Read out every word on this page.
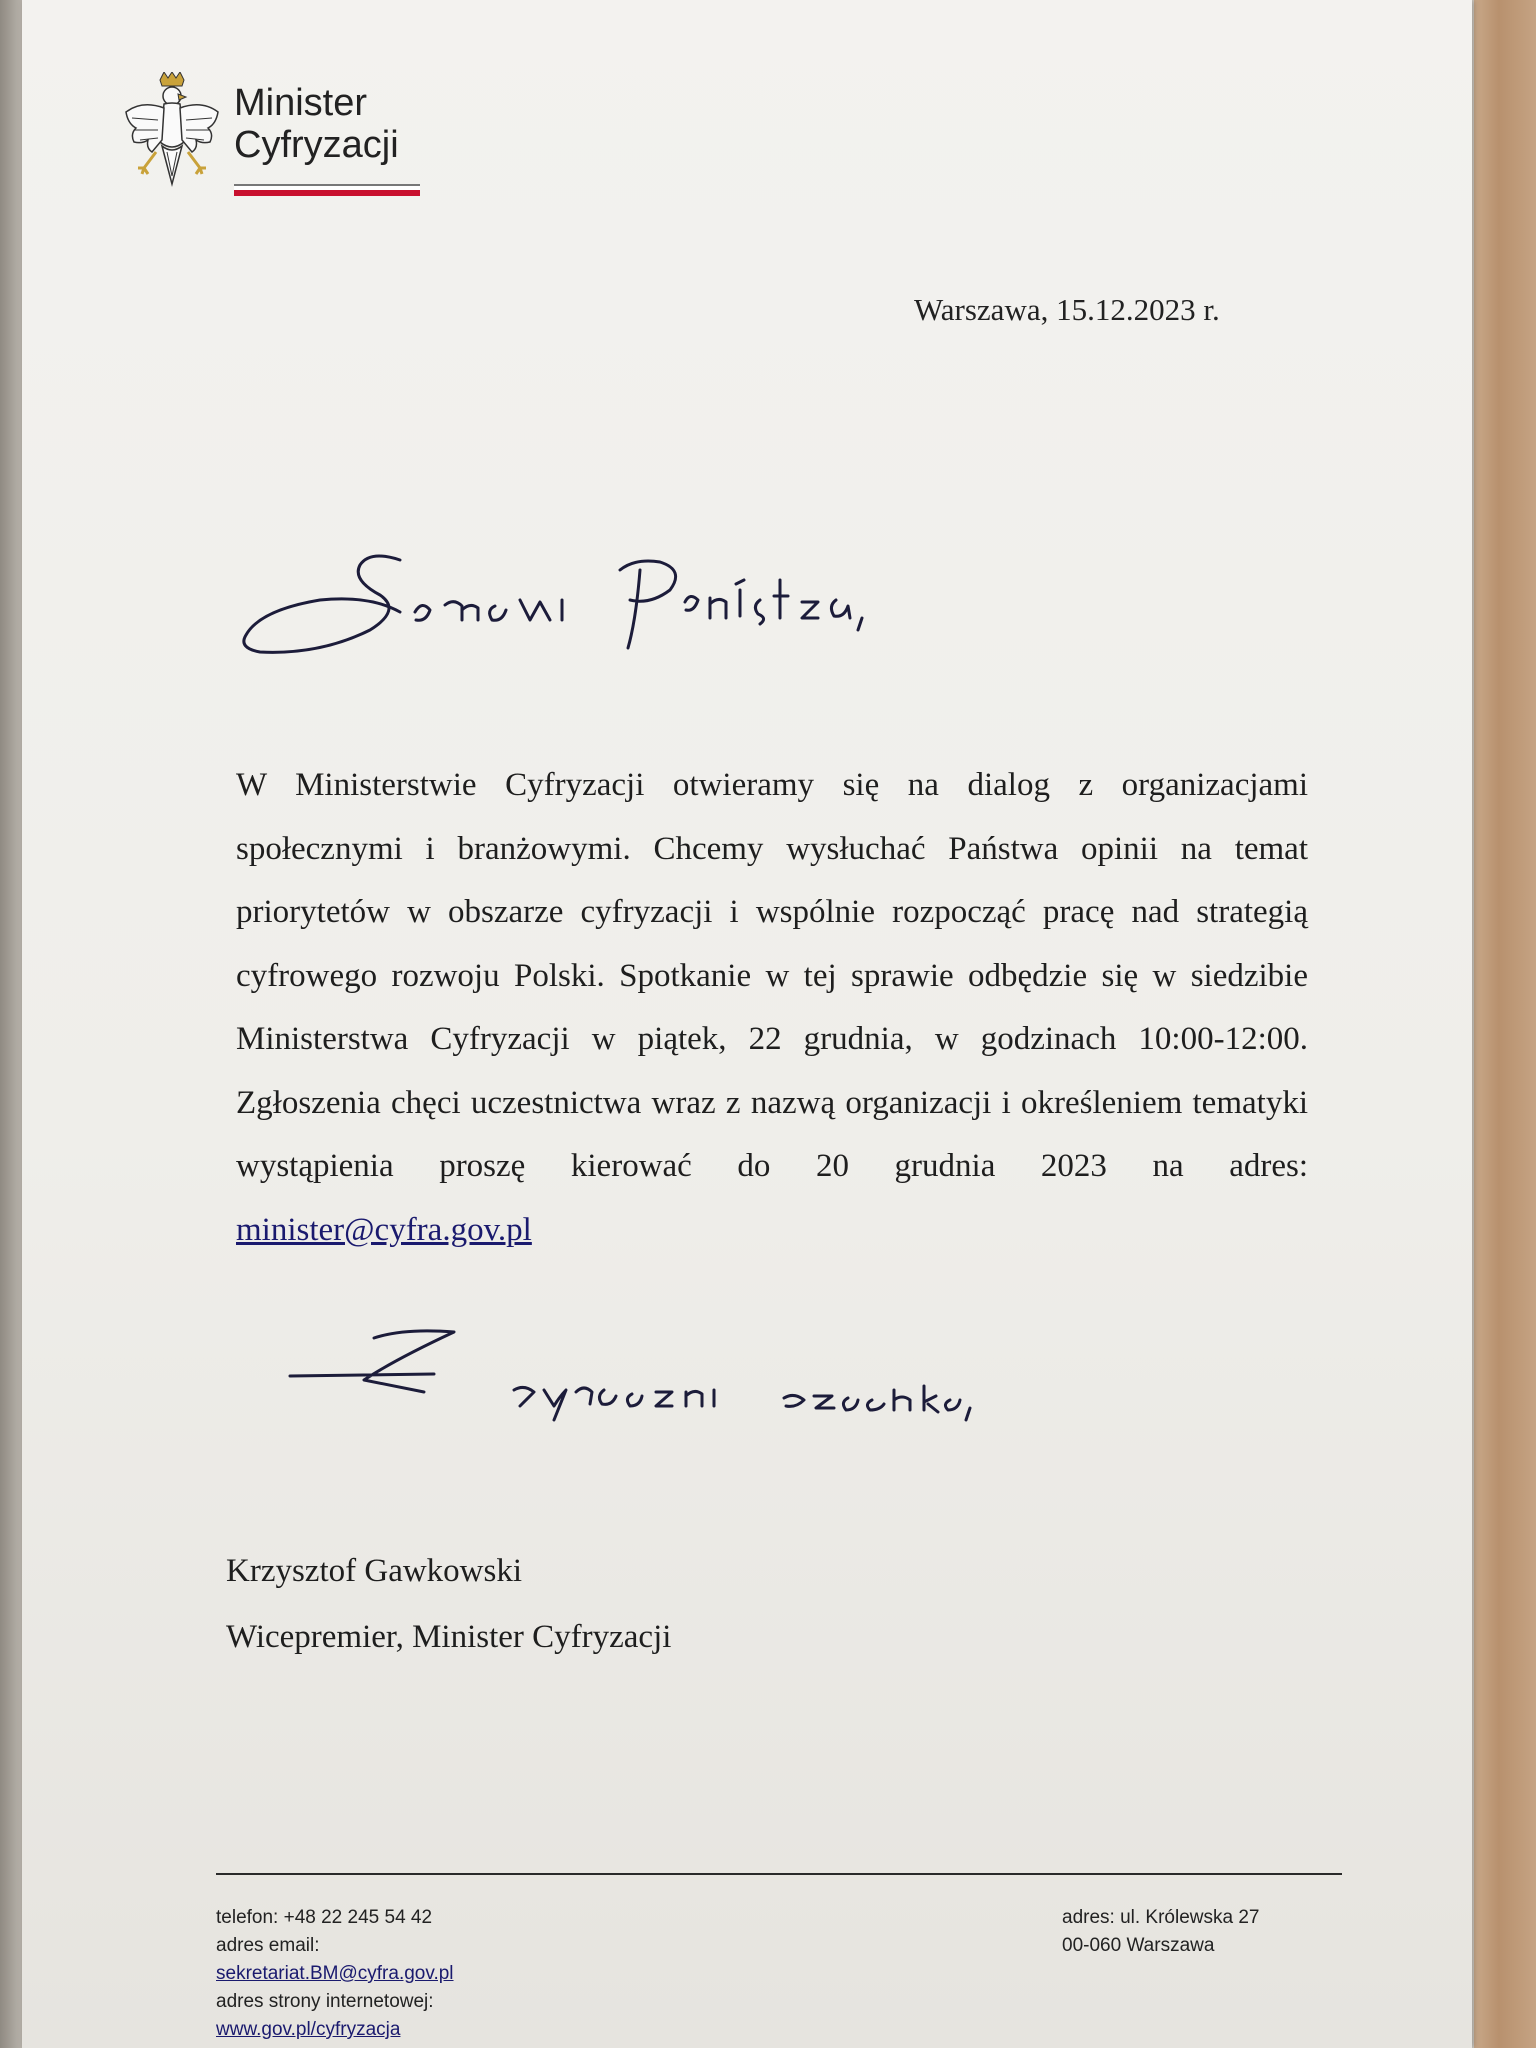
Minister
Cyfryzacji
Warszawa, 15.12.2023 r.
W Ministerstwie Cyfryzacji otwieramy się na dialog z organizacjami społecznymi i branżowymi. Chcemy wysłuchać Państwa opinii na temat priorytetów w obszarze cyfryzacji i wspólnie rozpocząć pracę nad strategią cyfrowego rozwoju Polski. Spotkanie w tej sprawie odbędzie się w siedzibie Ministerstwa Cyfryzacji w piątek, 22 grudnia, w godzinach 10:00-12:00. Zgłoszenia chęci uczestnictwa wraz z nazwą organizacji i określeniem tematyki wystąpienia proszę kierować do 20 grudnia 2023 na adres: minister@cyfra.gov.pl
Krzysztof Gawkowski
Wicepremier, Minister Cyfryzacji
telefon: +48 22 245 54 42
adres email:
sekretariat.BM@cyfra.gov.pl
adres strony internetowej:
www.gov.pl/cyfryzacja
adres: ul. Królewska 27
00-060 Warszawa
